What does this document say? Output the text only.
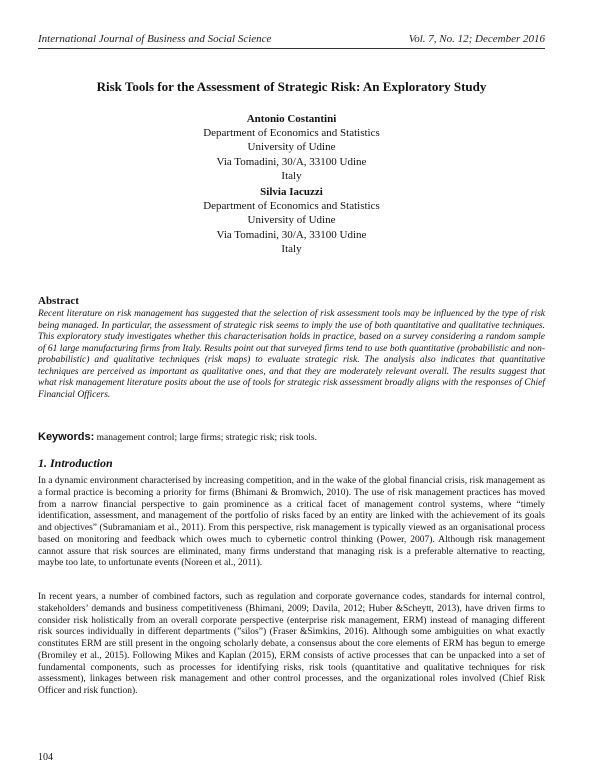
International Journal of Business and Social Science	Vol. 7, No. 12; December 2016
Risk Tools for the Assessment of Strategic Risk: An Exploratory Study
Antonio Costantini
Department of Economics and Statistics
University of Udine
Via Tomadini, 30/A, 33100 Udine
Italy
Silvia Iacuzzi
Department of Economics and Statistics
University of Udine
Via Tomadini, 30/A, 33100 Udine
Italy
Abstract
Recent literature on risk management has suggested that the selection of risk assessment tools may be influenced by the type of risk being managed. In particular, the assessment of strategic risk seems to imply the use of both quantitative and qualitative techniques. This exploratory study investigates whether this characterisation holds in practice, based on a survey considering a random sample of 61 large manufacturing firms from Italy. Results point out that surveyed firms tend to use both quantitative (probabilistic and non-probabilistic) and qualitative techniques (risk maps) to evaluate strategic risk. The analysis also indicates that quantitative techniques are perceived as important as qualitative ones, and that they are moderately relevant overall. The results suggest that what risk management literature posits about the use of tools for strategic risk assessment broadly aligns with the responses of Chief Financial Officers.
Keywords: management control; large firms; strategic risk; risk tools.
1. Introduction
In a dynamic environment characterised by increasing competition, and in the wake of the global financial crisis, risk management as a formal practice is becoming a priority for firms (Bhimani & Bromwich, 2010). The use of risk management practices has moved from a narrow financial perspective to gain prominence as a critical facet of management control systems, where “timely identification, assessment, and management of the portfolio of risks faced by an entity are linked with the achievement of its goals and objectives” (Subramaniam et al., 2011). From this perspective, risk management is typically viewed as an organisational process based on monitoring and feedback which owes much to cybernetic control thinking (Power, 2007). Although risk management cannot assure that risk sources are eliminated, many firms understand that managing risk is a preferable alternative to reacting, maybe too late, to unfortunate events (Noreen et al., 2011).
In recent years, a number of combined factors, such as regulation and corporate governance codes, standards for internal control, stakeholders’ demands and business competitiveness (Bhimani, 2009; Davila, 2012; Huber &Scheytt, 2013), have driven firms to consider risk holistically from an overall corporate perspective (enterprise risk management, ERM) instead of managing different risk sources individually in different departments (”silos”) (Fraser &Simkins, 2016). Although some ambiguities on what exactly constitutes ERM are still present in the ongoing scholarly debate, a consensus about the core elements of ERM has begun to emerge (Bromiley et al., 2015). Following Mikes and Kaplan (2015), ERM consists of active processes that can be unpacked into a set of fundamental components, such as processes for identifying risks, risk tools (quantitative and qualitative techniques for risk assessment), linkages between risk management and other control processes, and the organizational roles involved (Chief Risk Officer and risk function).
104
